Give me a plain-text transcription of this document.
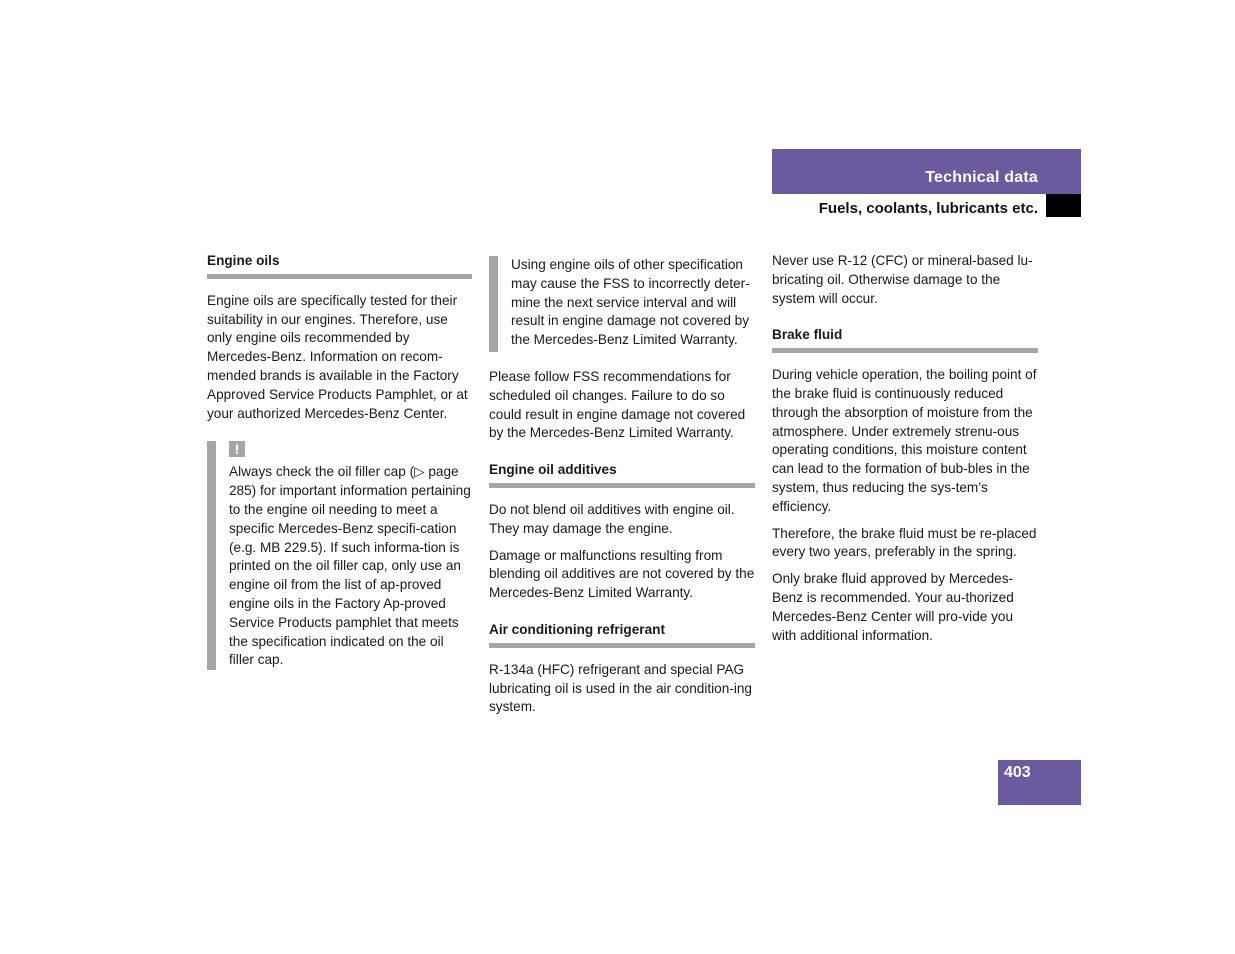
Technical data
Fuels, coolants, lubricants etc.
Engine oils

Engine oils are specifically tested for their suitability in our engines. Therefore, use only engine oils recommended by Mercedes-Benz. Information on recom-mended brands is available in the Factory Approved Service Products Pamphlet, or at your authorized Mercedes-Benz Center.

!
Always check the oil filler cap (▷ page 285) for important information pertaining to the engine oil needing to meet a specific Mercedes-Benz specifi-cation (e.g. MB 229.5). If such informa-tion is printed on the oil filler cap, only use an engine oil from the list of ap-proved engine oils in the Factory Ap-proved Service Products pamphlet that meets the specification indicated on the oil filler cap.
Using engine oils of other specification may cause the FSS to incorrectly deter-mine the next service interval and will result in engine damage not covered by the Mercedes-Benz Limited Warranty.

Please follow FSS recommendations for scheduled oil changes. Failure to do so could result in engine damage not covered by the Mercedes-Benz Limited Warranty.

Engine oil additives

Do not blend oil additives with engine oil. They may damage the engine.

Damage or malfunctions resulting from blending oil additives are not covered by the Mercedes-Benz Limited Warranty.

Air conditioning refrigerant

R-134a (HFC) refrigerant and special PAG lubricating oil is used in the air condition-ing system.

Never use R-12 (CFC) or mineral-based lu-bricating oil. Otherwise damage to the system will occur.

Brake fluid

During vehicle operation, the boiling point of the brake fluid is continuously reduced through the absorption of moisture from the atmosphere. Under extremely strenu-ous operating conditions, this moisture content can lead to the formation of bub-bles in the system, thus reducing the sys-tem’s efficiency.

Therefore, the brake fluid must be re-placed every two years, preferably in the spring.

Only brake fluid approved by Mercedes-Benz is recommended. Your au-thorized Mercedes-Benz Center will pro-vide you with additional information.

403
